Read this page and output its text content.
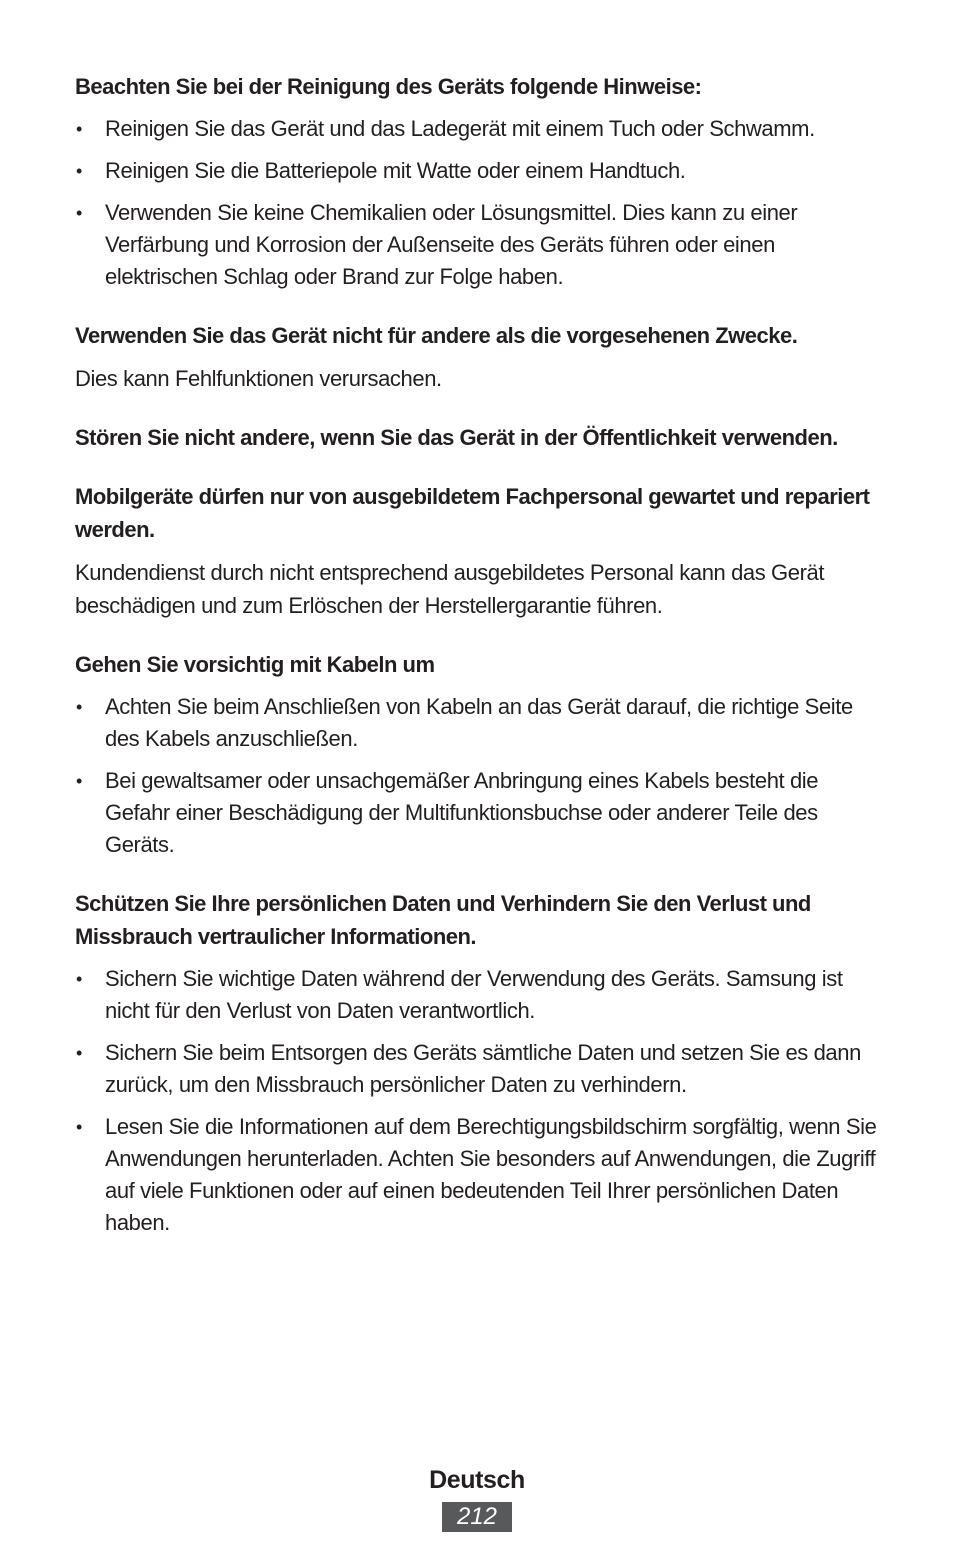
Beachten Sie bei der Reinigung des Geräts folgende Hinweise:

• Reinigen Sie das Gerät und das Ladegerät mit einem Tuch oder Schwamm.
• Reinigen Sie die Batteriepole mit Watte oder einem Handtuch.
• Verwenden Sie keine Chemikalien oder Lösungsmittel. Dies kann zu einer Verfärbung und Korrosion der Außenseite des Geräts führen oder einen elektrischen Schlag oder Brand zur Folge haben.

Verwenden Sie das Gerät nicht für andere als die vorgesehenen Zwecke.

Dies kann Fehlfunktionen verursachen.

Stören Sie nicht andere, wenn Sie das Gerät in der Öffentlichkeit verwenden.

Mobilgeräte dürfen nur von ausgebildetem Fachpersonal gewartet und repariert werden.

Kundendienst durch nicht entsprechend ausgebildetes Personal kann das Gerät beschädigen und zum Erlöschen der Herstellergarantie führen.

Gehen Sie vorsichtig mit Kabeln um

• Achten Sie beim Anschließen von Kabeln an das Gerät darauf, die richtige Seite des Kabels anzuschließen.
• Bei gewaltsamer oder unsachgemäßer Anbringung eines Kabels besteht die Gefahr einer Beschädigung der Multifunktionsbuchse oder anderer Teile des Geräts.

Schützen Sie Ihre persönlichen Daten und Verhindern Sie den Verlust und Missbrauch vertraulicher Informationen.

• Sichern Sie wichtige Daten während der Verwendung des Geräts. Samsung ist nicht für den Verlust von Daten verantwortlich.
• Sichern Sie beim Entsorgen des Geräts sämtliche Daten und setzen Sie es dann zurück, um den Missbrauch persönlicher Daten zu verhindern.
• Lesen Sie die Informationen auf dem Berechtigungsbildschirm sorgfältig, wenn Sie Anwendungen herunterladen. Achten Sie besonders auf Anwendungen, die Zugriff auf viele Funktionen oder auf einen bedeutenden Teil Ihrer persönlichen Daten haben.
Deutsch
212
